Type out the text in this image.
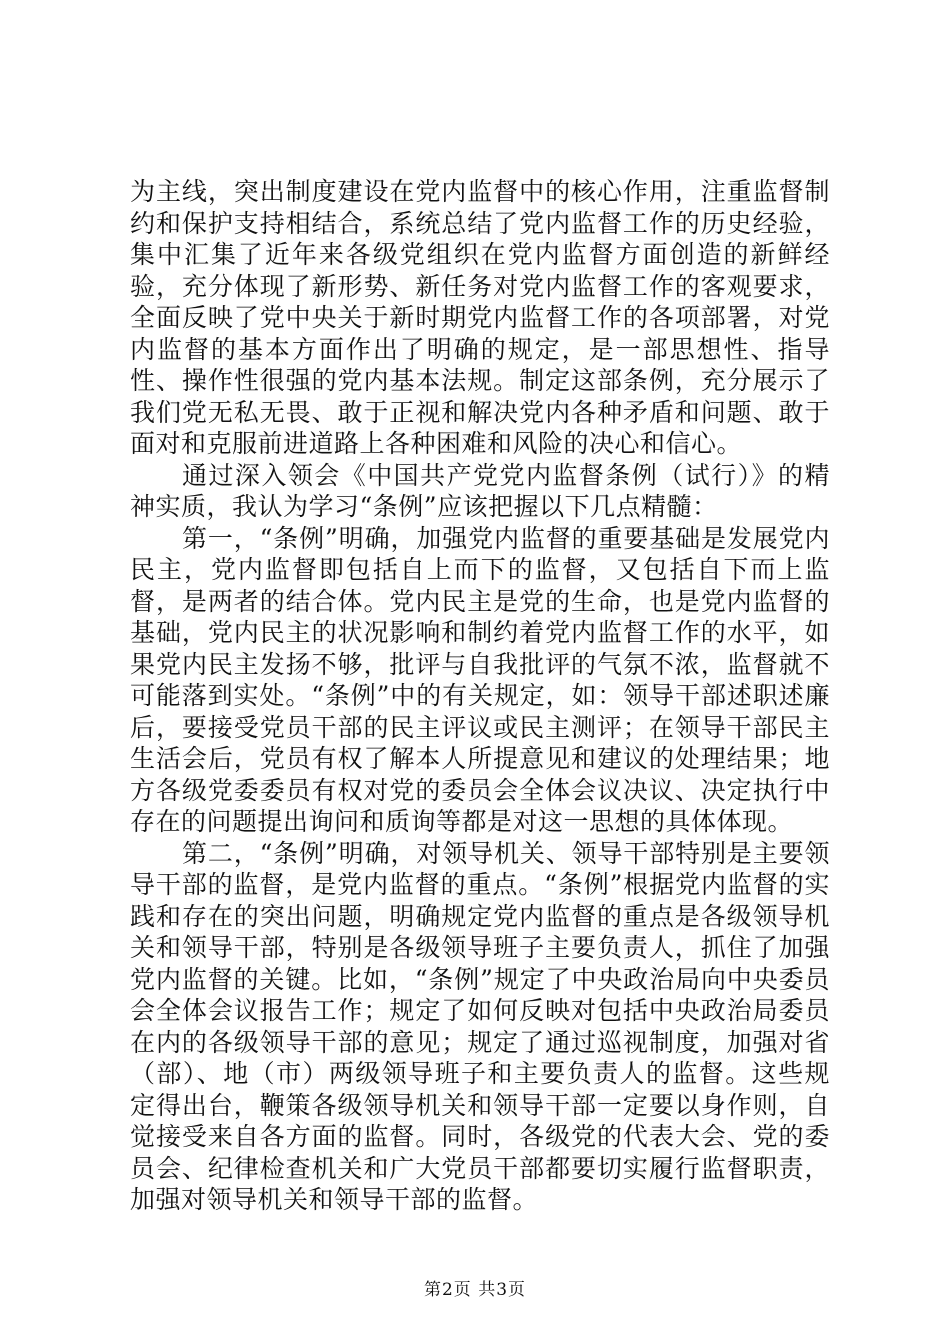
为主线，突出制度建设在党内监督中的核心作用，注重监督制约和保护支持相结合，系统总结了党内监督工作的历史经验，集中汇集了近年来各级党组织在党内监督方面创造的新鲜经验，充分体现了新形势、新任务对党内监督工作的客观要求，全面反映了党中央关于新时期党内监督工作的各项部署，对党内监督的基本方面作出了明确的规定，是一部思想性、指导性、操作性很强的党内基本法规。制定这部条例，充分展示了我们党无私无畏、敢于正视和解决党内各种矛盾和问题、敢于面对和克服前进道路上各种困难和风险的决心和信心。

通过深入领会《中国共产党党内监督条例（试行）》的精神实质，我认为学习“条例”应该把握以下几点精髓：

第一，“条例”明确，加强党内监督的重要基础是发展党内民主，党内监督即包括自上而下的监督，又包括自下而上监督，是两者的结合体。党内民主是党的生命，也是党内监督的基础，党内民主的状况影响和制约着党内监督工作的水平，如果党内民主发扬不够，批评与自我批评的气氛不浓，监督就不可能落到实处。“条例”中的有关规定，如：领导干部述职述廉后，要接受党员干部的民主评议或民主测评；在领导干部民主生活会后，党员有权了解本人所提意见和建议的处理结果；地方各级党委委员有权对党的委员会全体会议决议、决定执行中存在的问题提出询问和质询等都是对这一思想的具体体现。

第二，“条例”明确，对领导机关、领导干部特别是主要领导干部的监督，是党内监督的重点。“条例”根据党内监督的实践和存在的突出问题，明确规定党内监督的重点是各级领导机关和领导干部，特别是各级领导班子主要负责人，抓住了加强党内监督的关键。比如，“条例”规定了中央政治局向中央委员会全体会议报告工作；规定了如何反映对包括中央政治局委员在内的各级领导干部的意见；规定了通过巡视制度，加强对省（部）、地（市）两级领导班子和主要负责人的监督。这些规定得出台，鞭策各级领导机关和领导干部一定要以身作则，自觉接受来自各方面的监督。同时，各级党的代表大会、党的委员会、纪律检查机关和广大党员干部都要切实履行监督职责，加强对领导机关和领导干部的监督。

第2页 共3页
